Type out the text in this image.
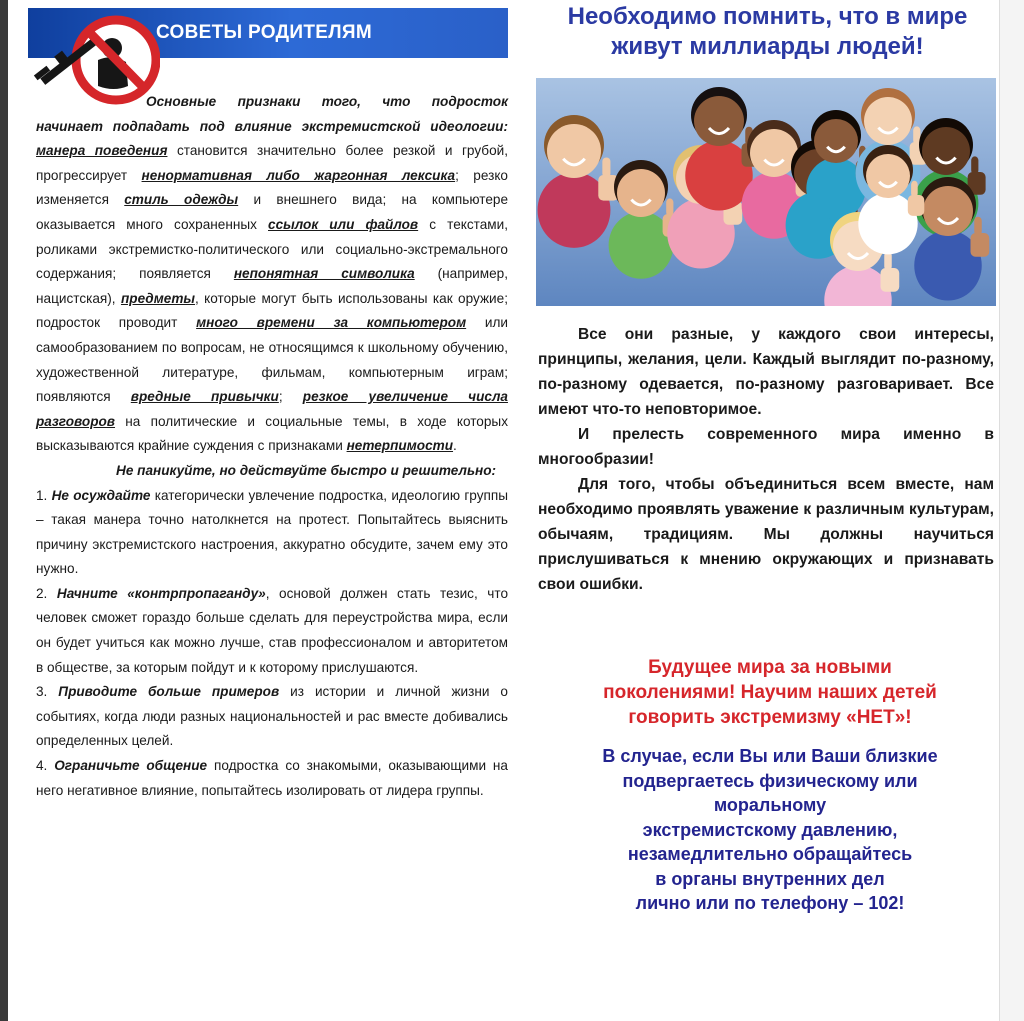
СОВЕТЫ РОДИТЕЛЯМ

Основные признаки того, что подросток начинает подпадать под влияние экстремистской идеологии: манера поведения становится значительно более резкой и грубой, прогрессирует ненормативная либо жаргонная лексика; резко изменяется стиль одежды и внешнего вида; на компьютере оказывается много сохраненных ссылок или файлов с текстами, роликами экстремистко-политического или социально-экстремального содержания; появляется непонятная символика (например, нацистская), предметы, которые могут быть использованы как оружие; подросток проводит много времени за компьютером или самообразованием по вопросам, не относящимся к школьному обучению, художественной литературе, фильмам, компьютерным играм; появляются вредные привычки; резкое увеличение числа разговоров на политические и социальные темы, в ходе которых высказываются крайние суждения с признаками нетерпимости.

Не паникуйте, но действуйте быстро и решительно:

1. Не осуждайте категорически увлечение подростка, идеологию группы – такая манера точно натолкнется на протест. Попытайтесь выяснить причину экстремистского настроения, аккуратно обсудите, зачем ему это нужно.

2. Начните «контрпропаганду», основой должен стать тезис, что человек сможет гораздо больше сделать для переустройства мира, если он будет учиться как можно лучше, став профессионалом и авторитетом в обществе, за которым пойдут и к которому прислушаются.

3. Приводите больше примеров из истории и личной жизни о событиях, когда люди разных национальностей и рас вместе добивались определенных целей.

4. Ограничьте общение подростка со знакомыми, оказывающими на него негативное влияние, попытайтесь изолировать от лидера группы.

Необходимо помнить, что в мире
живут миллиарды людей!

Все они разные, у каждого свои интересы, принципы, желания, цели. Каждый выглядит по-разному, по-разному одевается, по-разному разговаривает. Все имеют что-то неповторимое.

И прелесть современного мира именно в многообразии!

Для того, чтобы объединиться всем вместе, нам необходимо проявлять уважение к различным культурам, обычаям, традициям. Мы должны научиться прислушиваться к мнению окружающих и признавать свои ошибки.

Будущее мира за новыми
поколениями! Научим наших детей
говорить экстремизму «НЕТ»!
В случае, если Вы или Ваши близкие
подвергаетесь физическому или
моральному
экстремистскому давлению,
незамедлительно обращайтесь
в органы внутренних дел
лично или по телефону – 102!
